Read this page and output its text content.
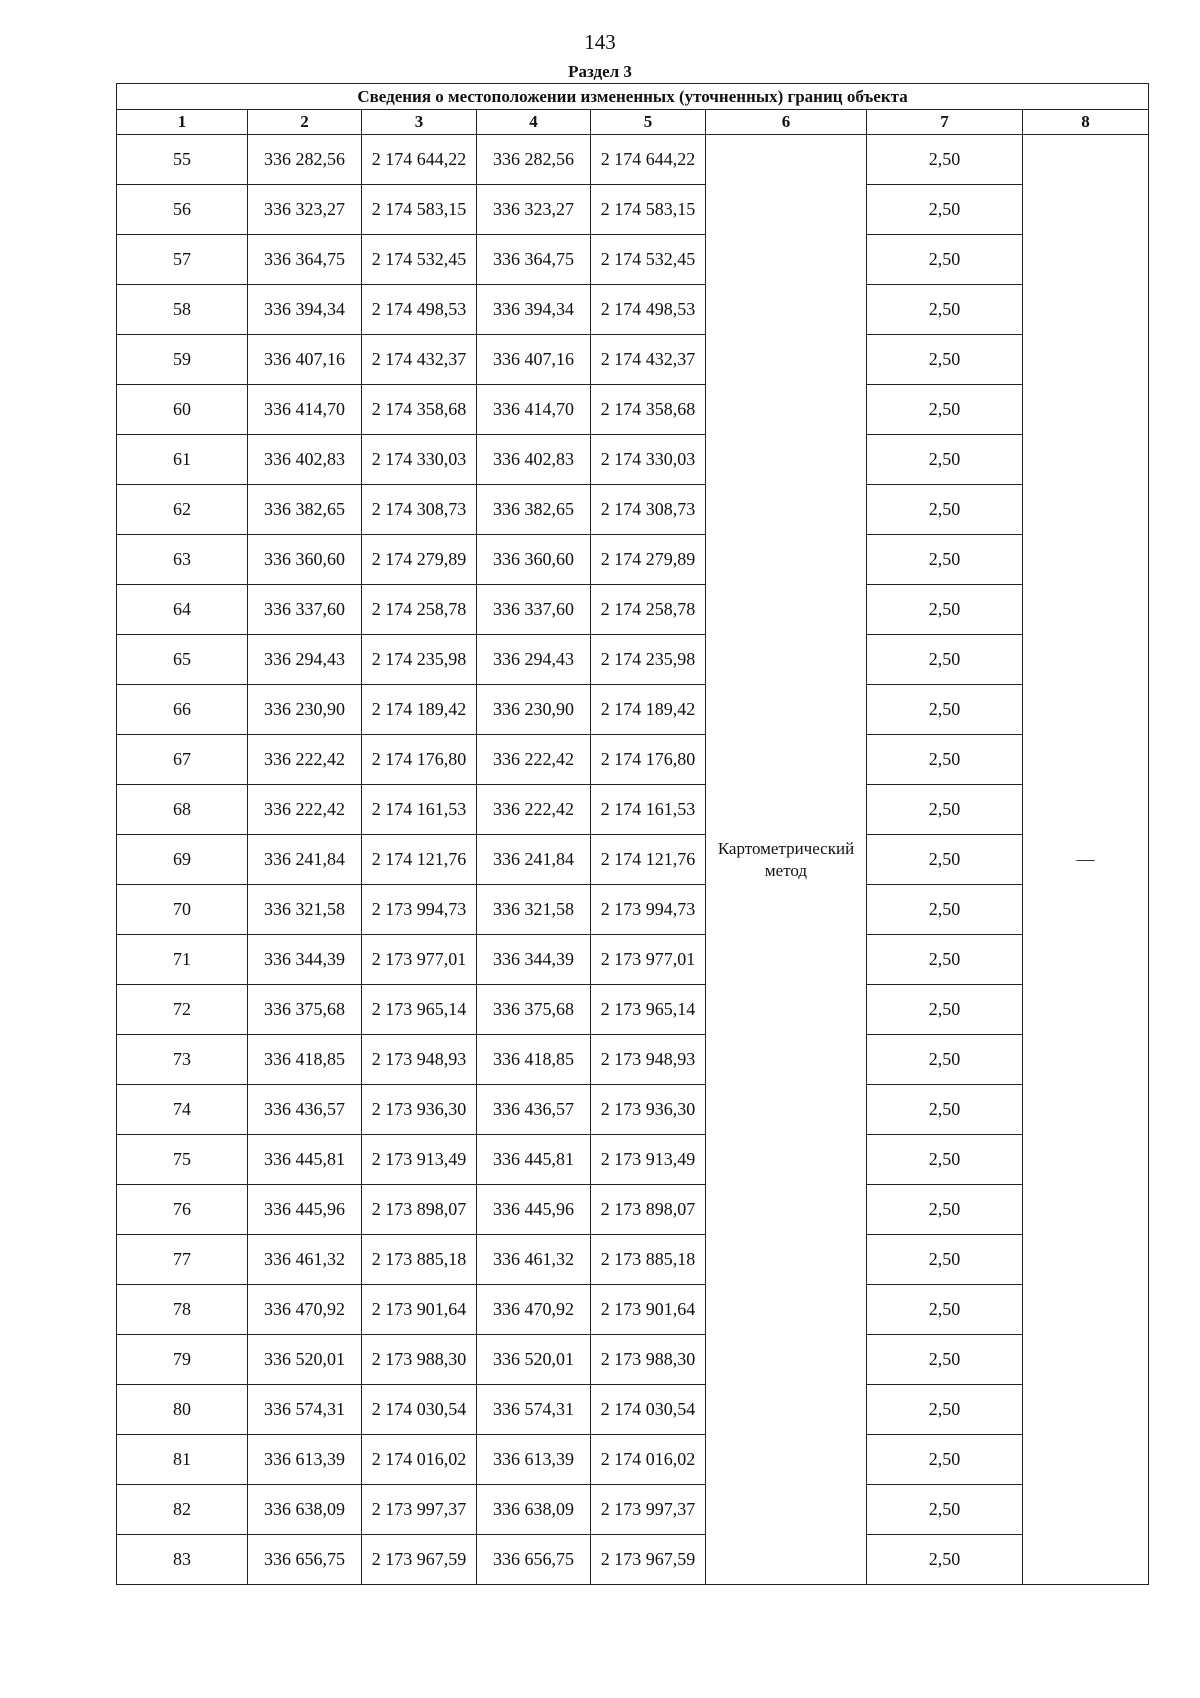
143
Раздел 3
Сведения о местоположении измененных (уточненных) границ объекта							
1	2	3	4	5	6	7	8
55	336 282,56	2 174 644,22	336 282,56	2 174 644,22	Картометрический метод	2,50	—
56	336 323,27	2 174 583,15	336 323,27	2 174 583,15		2,50	
57	336 364,75	2 174 532,45	336 364,75	2 174 532,45		2,50	
58	336 394,34	2 174 498,53	336 394,34	2 174 498,53		2,50	
59	336 407,16	2 174 432,37	336 407,16	2 174 432,37		2,50	
60	336 414,70	2 174 358,68	336 414,70	2 174 358,68		2,50	
61	336 402,83	2 174 330,03	336 402,83	2 174 330,03		2,50	
62	336 382,65	2 174 308,73	336 382,65	2 174 308,73		2,50	
63	336 360,60	2 174 279,89	336 360,60	2 174 279,89		2,50	
64	336 337,60	2 174 258,78	336 337,60	2 174 258,78		2,50	
65	336 294,43	2 174 235,98	336 294,43	2 174 235,98		2,50	
66	336 230,90	2 174 189,42	336 230,90	2 174 189,42		2,50	
67	336 222,42	2 174 176,80	336 222,42	2 174 176,80		2,50	
68	336 222,42	2 174 161,53	336 222,42	2 174 161,53		2,50	
69	336 241,84	2 174 121,76	336 241,84	2 174 121,76		2,50	
70	336 321,58	2 173 994,73	336 321,58	2 173 994,73		2,50	
71	336 344,39	2 173 977,01	336 344,39	2 173 977,01		2,50	
72	336 375,68	2 173 965,14	336 375,68	2 173 965,14		2,50	
73	336 418,85	2 173 948,93	336 418,85	2 173 948,93		2,50	
74	336 436,57	2 173 936,30	336 436,57	2 173 936,30		2,50	
75	336 445,81	2 173 913,49	336 445,81	2 173 913,49		2,50	
76	336 445,96	2 173 898,07	336 445,96	2 173 898,07		2,50	
77	336 461,32	2 173 885,18	336 461,32	2 173 885,18		2,50	
78	336 470,92	2 173 901,64	336 470,92	2 173 901,64		2,50	
79	336 520,01	2 173 988,30	336 520,01	2 173 988,30		2,50	
80	336 574,31	2 174 030,54	336 574,31	2 174 030,54		2,50	
81	336 613,39	2 174 016,02	336 613,39	2 174 016,02		2,50	
82	336 638,09	2 173 997,37	336 638,09	2 173 997,37		2,50	
83	336 656,75	2 173 967,59	336 656,75	2 173 967,59		2,50	
